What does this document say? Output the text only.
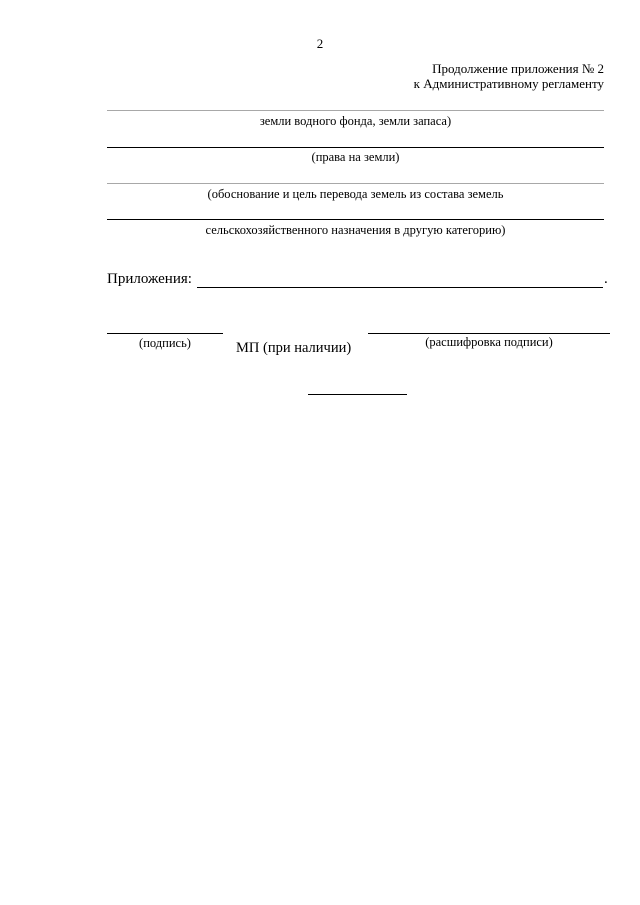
2
Продолжение приложения № 2
к Административному регламенту
земли водного фонда, земли запаса)
(права на земли)
(обоснование и цель перевода земель из состава земель
сельскохозяйственного назначения в другую категорию)
Приложения:	.
(подпись)	МП (при наличии)	(расшифровка подписи)
